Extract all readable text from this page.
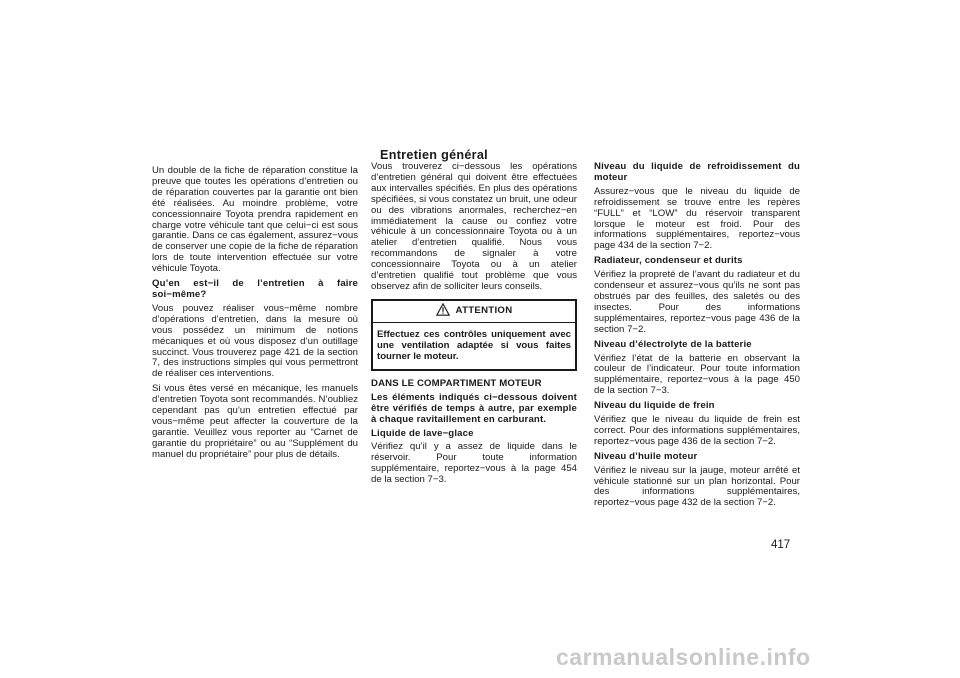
Entretien général

Un double de la fiche de réparation constitue la preuve que toutes les opérations d’entretien ou de réparation couvertes par la garantie ont bien été réalisées. Au moindre problème, votre concessionnaire Toyota prendra rapidement en charge votre véhicule tant que celui−ci est sous garantie. Dans ce cas également, assurez−vous de conserver une copie de la fiche de réparation lors de toute intervention effectuée sur votre véhicule Toyota.

Qu’en est−il de l’entretien à faire soi−même?

Vous pouvez réaliser vous−même nombre d’opérations d’entretien, dans la mesure où vous possédez un minimum de notions mécaniques et où vous disposez d’un outillage succinct. Vous trouverez page 421 de la section 7, des instructions simples qui vous permettront de réaliser ces interventions.

Si vous êtes versé en mécanique, les manuels d’entretien Toyota sont recommandés. N’oubliez cependant pas qu’un entretien effectué par vous−même peut affecter la couverture de la garantie. Veuillez vous reporter au “Carnet de garantie du propriétaire” ou au “Supplément du manuel du propriétaire” pour plus de détails.

Vous trouverez ci−dessous les opérations d’entretien général qui doivent être effectuées aux intervalles spécifiés. En plus des opérations spécifiées, si vous constatez un bruit, une odeur ou des vibrations anormales, recherchez−en immédiatement la cause ou confiez votre véhicule à un concessionnaire Toyota ou à un atelier d’entretien qualifié. Nous vous recommandons de signaler à votre concessionnaire Toyota ou à un atelier d’entretien qualifié tout problème que vous observez afin de solliciter leurs conseils.

ATTENTION
Effectuez ces contrôles uniquement avec une ventilation adaptée si vous faites tourner le moteur.
DANS LE COMPARTIMENT MOTEUR
Les éléments indiqués ci−dessous doivent être vérifiés de temps à autre, par exemple à chaque ravitaillement en carburant.
Liquide de lave−glace

Vérifiez qu’il y a assez de liquide dans le réservoir. Pour toute information supplémentaire, reportez−vous à la page 454 de la section 7−3.

Niveau du liquide de refroidissement du moteur

Assurez−vous que le niveau du liquide de refroidissement se trouve entre les repères “FULL” et “LOW” du réservoir transparent lorsque le moteur est froid. Pour des informations supplémentaires, reportez−vous page 434 de la section 7−2.

Radiateur, condenseur et durits

Vérifiez la propreté de l’avant du radiateur et du condenseur et assurez−vous qu’ils ne sont pas obstrués par des feuilles, des saletés ou des insectes. Pour des informations supplémentaires, reportez−vous page 436 de la section 7−2.

Niveau d’électrolyte de la batterie

Vérifiez l’état de la batterie en observant la couleur de l’indicateur. Pour toute information supplémentaire, reportez−vous à la page 450 de la section 7−3.

Niveau du liquide de frein

Vérifiez que le niveau du liquide de frein est correct. Pour des informations supplémentaires, reportez−vous page 436 de la section 7−2.

Niveau d’huile moteur

Vérifiez le niveau sur la jauge, moteur arrêté et véhicule stationné sur un plan horizontal. Pour des informations supplémentaires, reportez−vous page 432 de la section 7−2.

417
carmanualsonline.info
